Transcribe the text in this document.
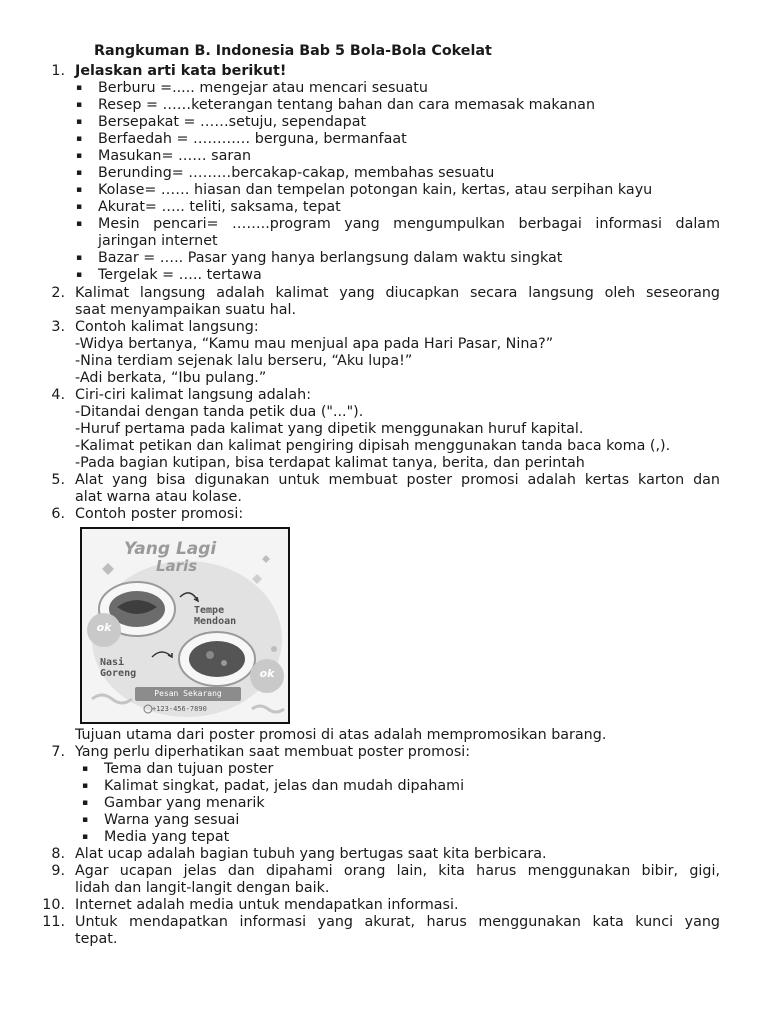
Rangkuman B. Indonesia Bab 5 Bola-Bola Cokelat
1. Jelaskan arti kata berikut!
▪ Berburu =..... mengejar atau mencari sesuatu
▪ Resep = ……keterangan tentang bahan dan cara memasak makanan
▪ Bersepakat = ……setuju, sependapat
▪ Berfaedah = ………… berguna, bermanfaat
▪ Masukan= …… saran
▪ Berunding= ………bercakap-cakap, membahas sesuatu
▪ Kolase= …… hiasan dan tempelan potongan kain, kertas, atau serpihan kayu
▪ Akurat= ….. teliti, saksama, tepat
▪ Mesin pencari= ……..program yang mengumpulkan berbagai informasi dalam
jaringan internet
▪ Bazar = ….. Pasar yang hanya berlangsung dalam waktu singkat
▪ Tergelak = ….. tertawa
2. Kalimat langsung adalah kalimat yang diucapkan secara langsung oleh seseorang
saat menyampaikan suatu hal.
3. Contoh kalimat langsung:
-Widya bertanya, “Kamu mau menjual apa pada Hari Pasar, Nina?”
-Nina terdiam sejenak lalu berseru, “Aku lupa!”
-Adi berkata, “Ibu pulang.”
4. Ciri-ciri kalimat langsung adalah:
-Ditandai dengan tanda petik dua ("...").
-Huruf pertama pada kalimat yang dipetik menggunakan huruf kapital.
-Kalimat petikan dan kalimat pengiring dipisah menggunakan tanda baca koma (,).
-Pada bagian kutipan, bisa terdapat kalimat tanya, berita, dan perintah
5. Alat yang bisa digunakan untuk membuat poster promosi adalah kertas karton dan
alat warna atau kolase.
6. Contoh poster promosi:
Yang Lagi
Laris
Tempe
Mendoan
Nasi
Goreng
ok
ok
Pesan Sekarang
+123-456-7890
Tujuan utama dari poster promosi di atas adalah mempromosikan barang.
7. Yang perlu diperhatikan saat membuat poster promosi:
▪ Tema dan tujuan poster
▪ Kalimat singkat, padat, jelas dan mudah dipahami
▪ Gambar yang menarik
▪ Warna yang sesuai
▪ Media yang tepat
8. Alat ucap adalah bagian tubuh yang bertugas saat kita berbicara.
9. Agar ucapan jelas dan dipahami orang lain, kita harus menggunakan bibir, gigi,
lidah dan langit-langit dengan baik.
10. Internet adalah media untuk mendapatkan informasi.
11. Untuk mendapatkan informasi yang akurat, harus menggunakan kata kunci yang
tepat.
